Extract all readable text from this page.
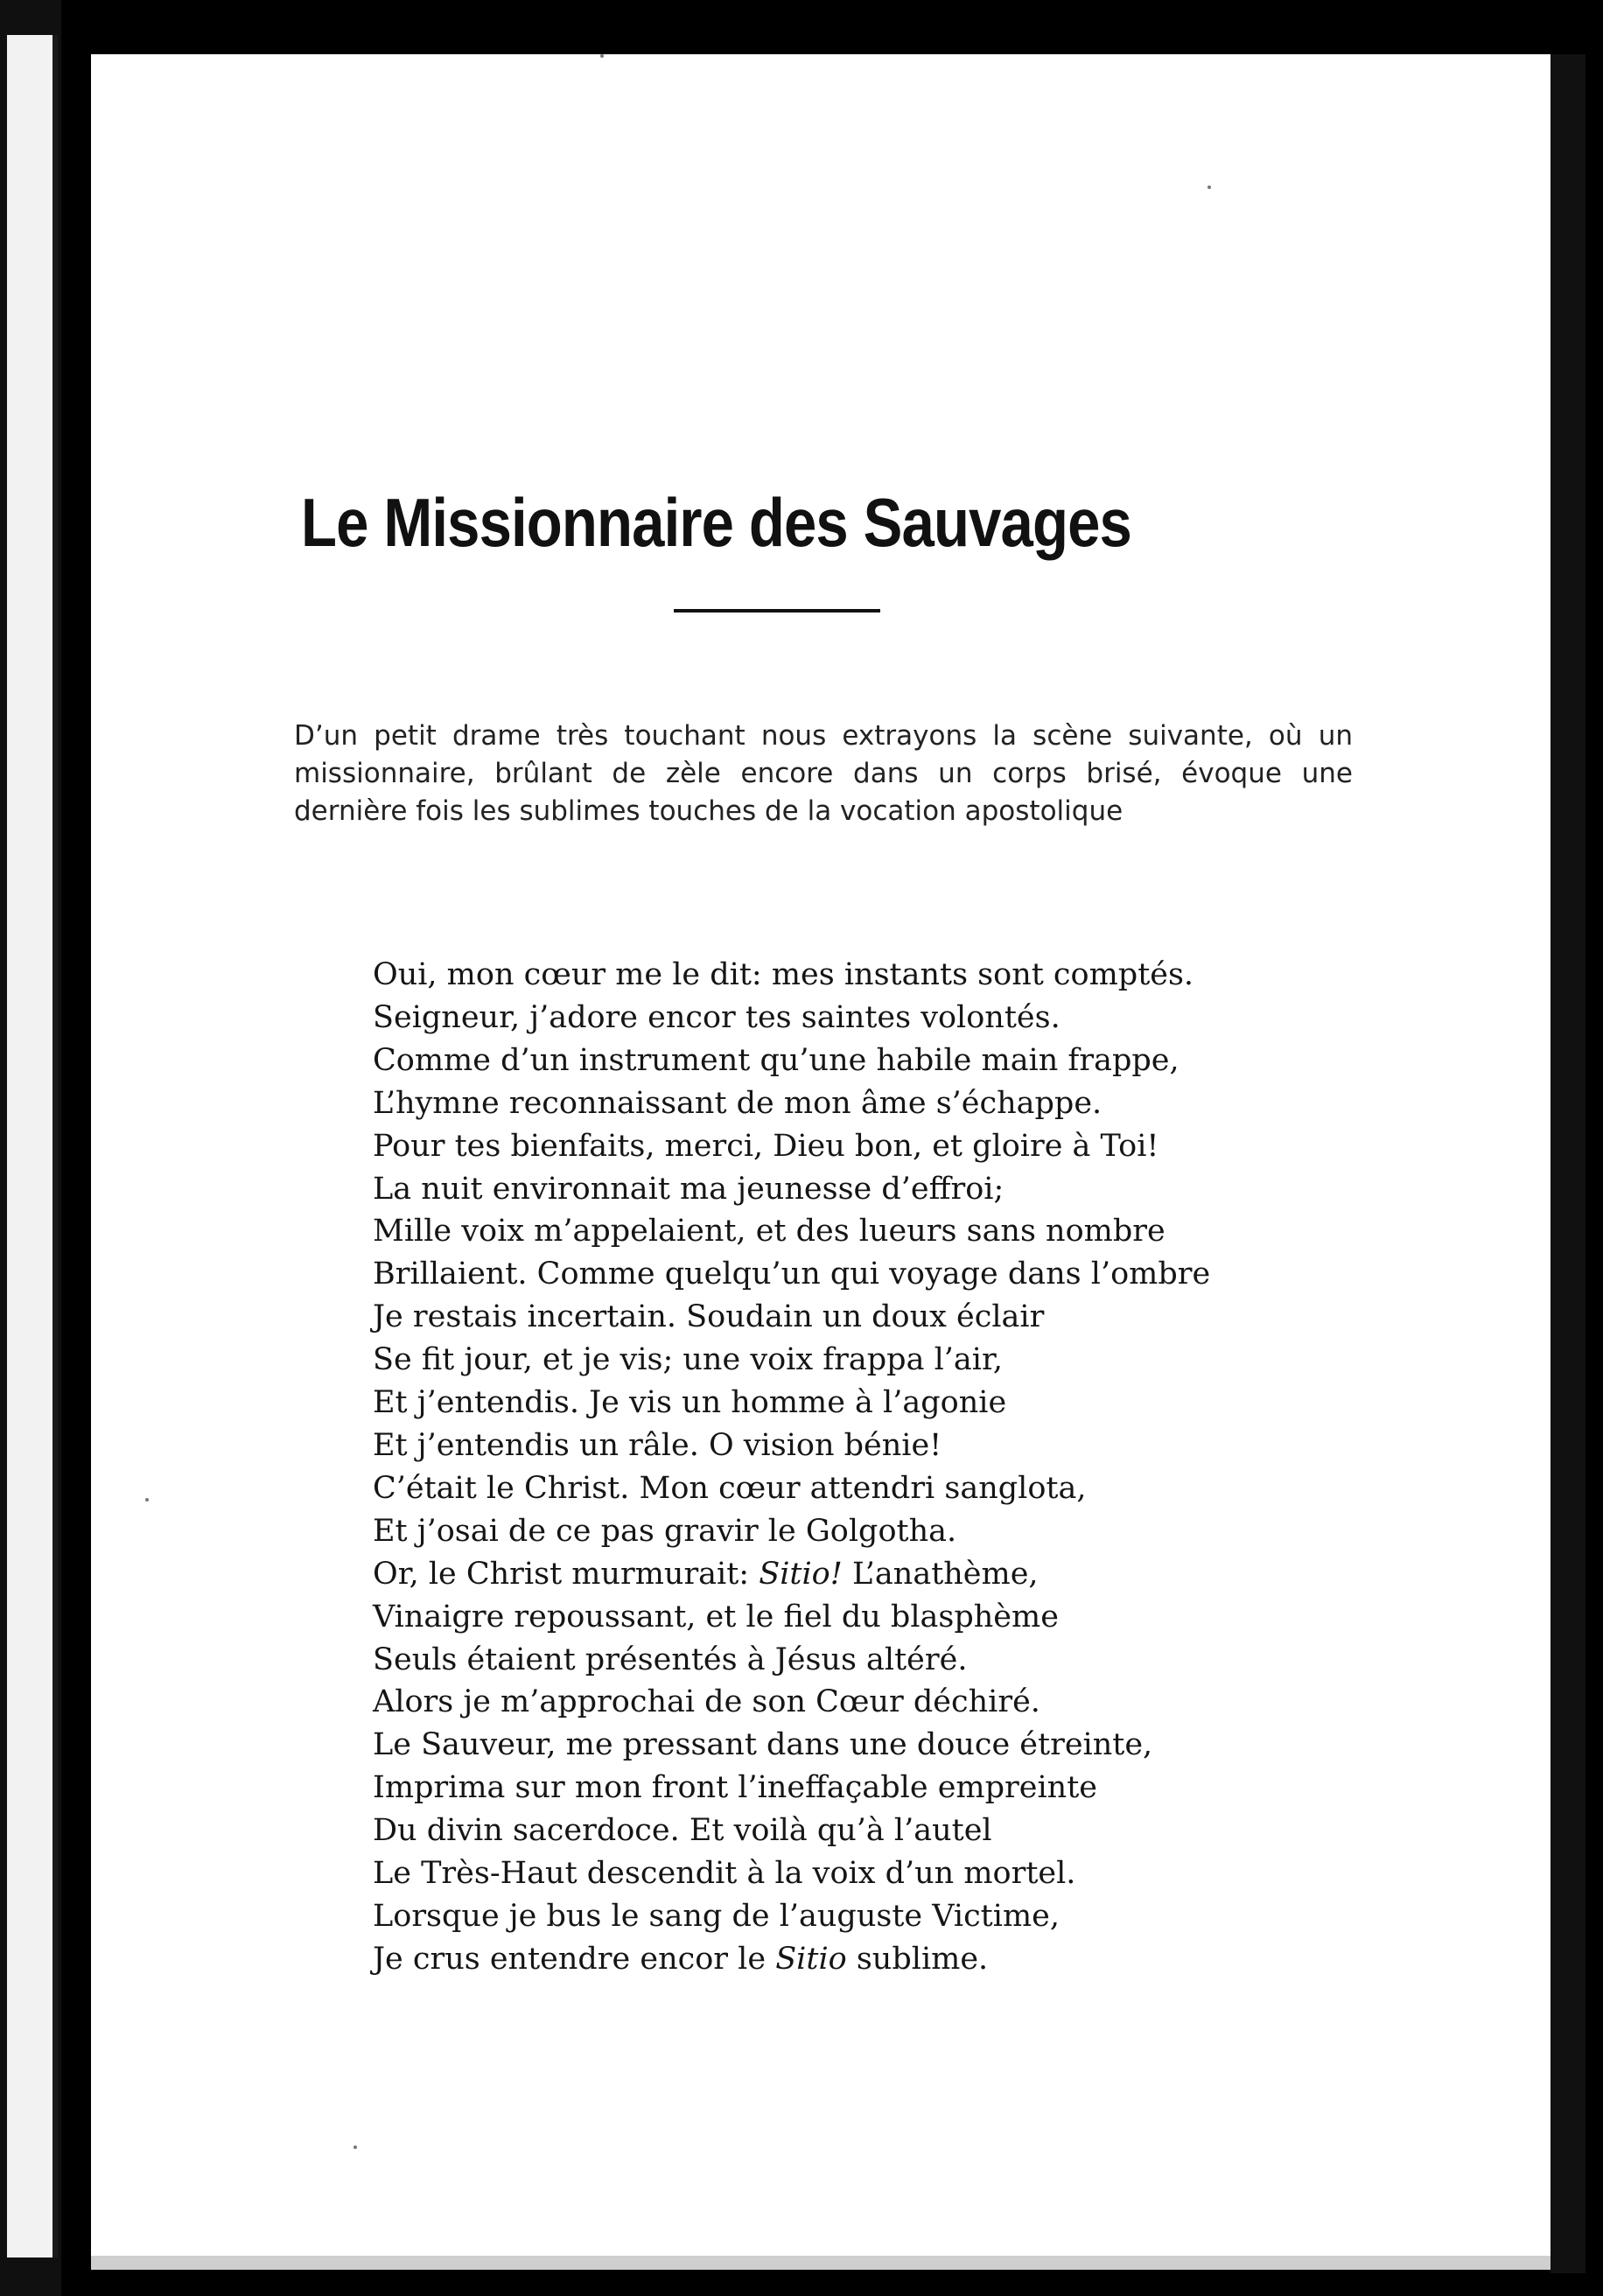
Le Missionnaire des Sauvages
D’un petit drame très touchant nous extrayons la scène suivante, où un missionnaire, brûlant de zèle encore dans un corps brisé, évoque une dernière fois les sublimes touches de la vocation apostolique
Oui, mon cœur me le dit: mes instants sont comptés.
Seigneur, j’adore encor tes saintes volontés.
Comme d’un instrument qu’une habile main frappe,
L’hymne reconnaissant de mon âme s’échappe.
Pour tes bienfaits, merci, Dieu bon, et gloire à Toi!
La nuit environnait ma jeunesse d’effroi;
Mille voix m’appelaient, et des lueurs sans nombre
Brillaient. Comme quelqu’un qui voyage dans l’ombre
Je restais incertain. Soudain un doux éclair
Se fit jour, et je vis; une voix frappa l’air,
Et j’entendis. Je vis un homme à l’agonie
Et j’entendis un râle. O vision bénie!
C’était le Christ. Mon cœur attendri sanglota,
Et j’osai de ce pas gravir le Golgotha.
Or, le Christ murmurait: Sitio! L’anathème,
Vinaigre repoussant, et le fiel du blasphème
Seuls étaient présentés à Jésus altéré.
Alors je m’approchai de son Cœur déchiré.
Le Sauveur, me pressant dans une douce étreinte,
Imprima sur mon front l’ineffaçable empreinte
Du divin sacerdoce. Et voilà qu’à l’autel
Le Très-Haut descendit à la voix d’un mortel.
Lorsque je bus le sang de l’auguste Victime,
Je crus entendre encor le Sitio sublime.
